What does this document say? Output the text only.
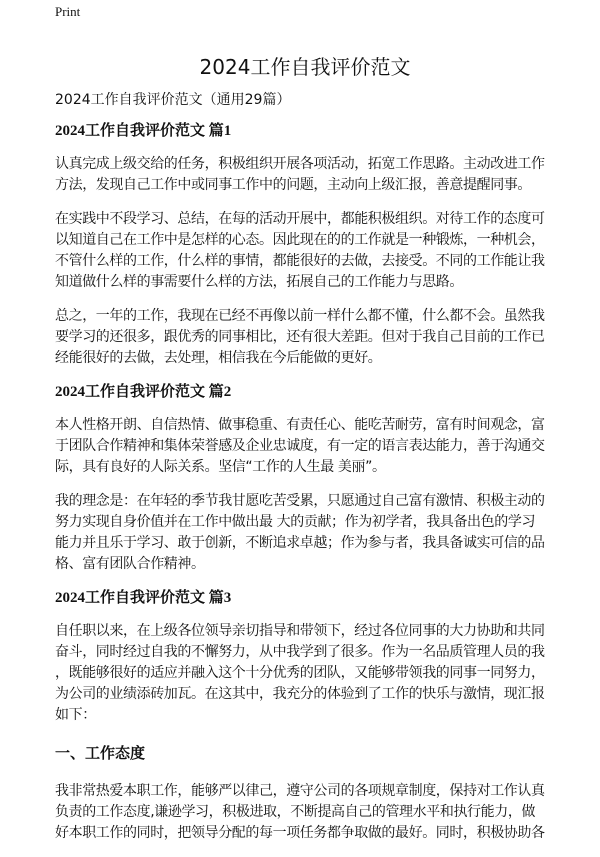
Print
2024工作自我评价范文
2024工作自我评价范文（通用29篇）
2024工作自我评价范文 篇1
认真完成上级交给的任务，积极组织开展各项活动，拓宽工作思路。主动改进工作
方法，发现自己工作中或同事工作中的问题，主动向上级汇报，善意提醒同事。
在实践中不段学习、总结，在每的活动开展中，都能积极组织。对待工作的态度可
以知道自己在工作中是怎样的心态。因此现在的的工作就是一种锻炼，一种机会，
不管什么样的工作，什么样的事情，都能很好的去做，去接受。不同的工作能让我
知道做什么样的事需要什么样的方法，拓展自己的工作能力与思路。
总之，一年的工作，我现在已经不再像以前一样什么都不懂，什么都不会。虽然我
要学习的还很多，跟优秀的同事相比，还有很大差距。但对于我自己目前的工作已
经能很好的去做，去处理，相信我在今后能做的更好。
2024工作自我评价范文 篇2
本人性格开朗、自信热情、做事稳重、有责任心、能吃苦耐劳，富有时间观念，富
于团队合作精神和集体荣誉感及企业忠诚度，有一定的语言表达能力，善于沟通交
际，具有良好的人际关系。坚信“工作的人生最 美丽”。
我的理念是：在年轻的季节我甘愿吃苦受累，只愿通过自己富有激情、积极主动的
努力实现自身价值并在工作中做出最 大的贡献；作为初学者，我具备出色的学习
能力并且乐于学习、敢于创新，不断追求卓越；作为参与者，我具备诚实可信的品
格、富有团队合作精神。
2024工作自我评价范文 篇3
自任职以来，在上级各位领导亲切指导和带领下，经过各位同事的大力协助和共同
奋斗，同时经过自我的不懈努力，从中我学到了很多。作为一名品质管理人员的我
，既能够很好的适应并融入这个十分优秀的团队，又能够带领我的同事一同努力，
为公司的业绩添砖加瓦。在这其中，我充分的体验到了工作的快乐与激情，现汇报
如下：
一、工作态度
我非常热爱本职工作，能够严以律己，遵守公司的各项规章制度，保持对工作认真
负责的工作态度,谦逊学习，积极进取，不断提高自己的管理水平和执行能力，做
好本职工作的同时，把领导分配的每一项任务都争取做的最好。同时，积极协助各
